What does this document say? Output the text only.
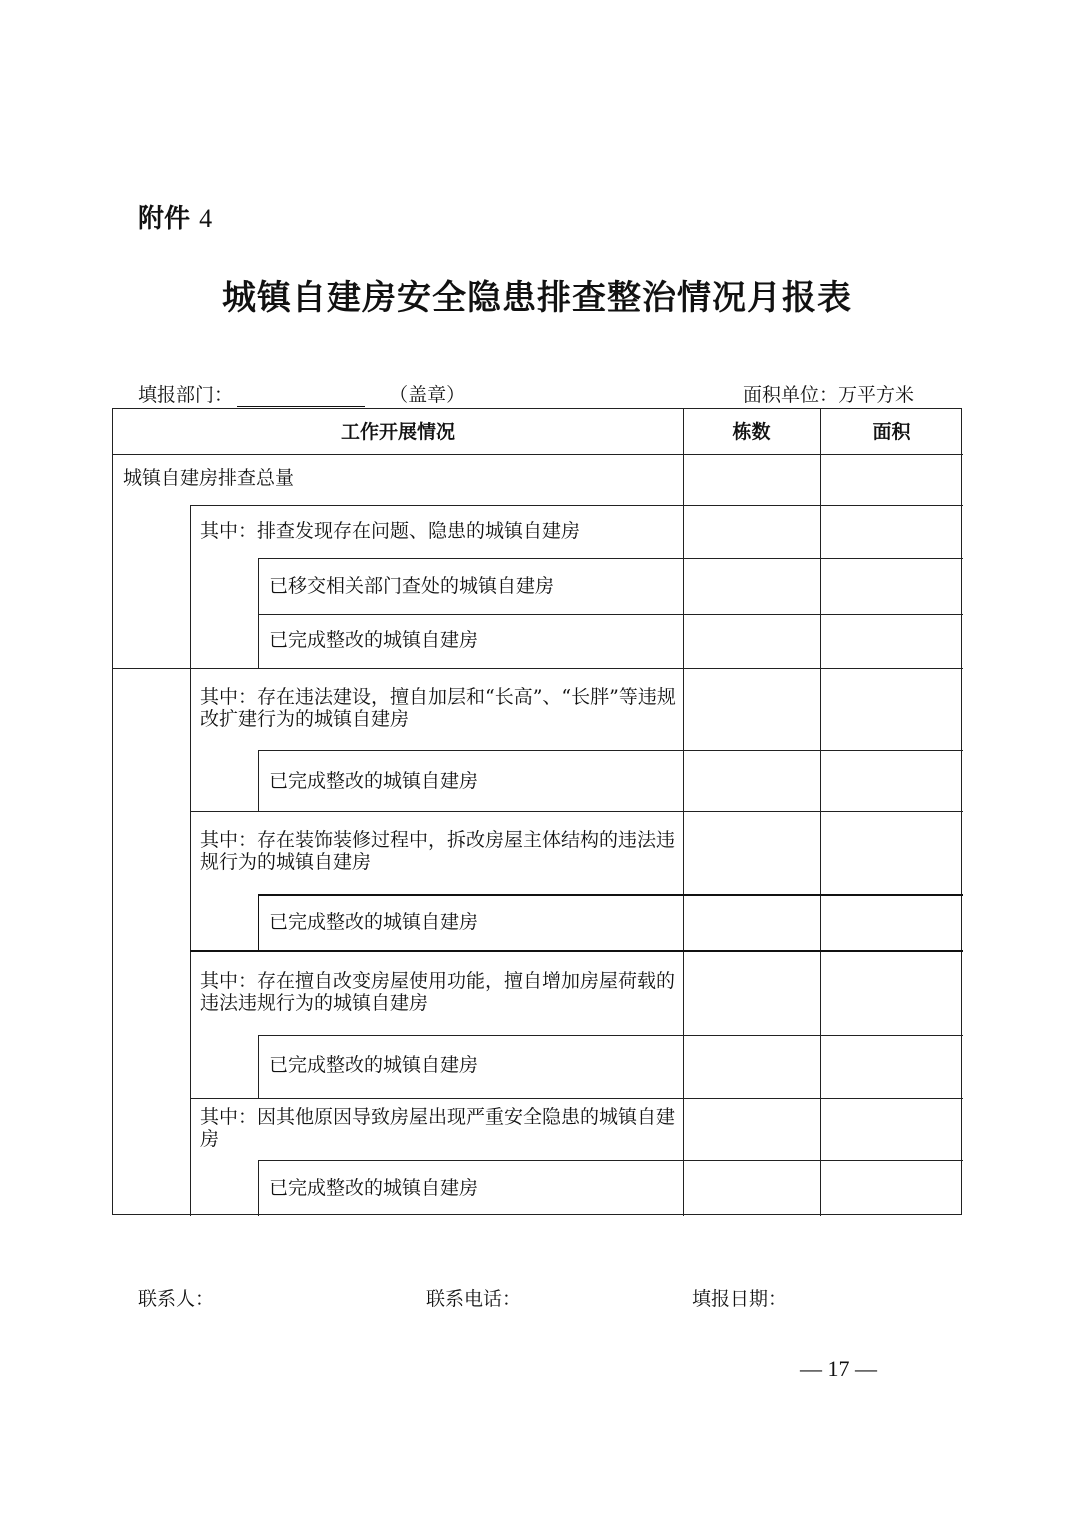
附件 4
城镇自建房安全隐患排查整治情况月报表
填报部门：	（盖章）	面积单位：万平方米
工作开展情况	栋数	面积
城镇自建房排查总量
其中：排查发现存在问题、隐患的城镇自建房
已移交相关部门查处的城镇自建房
已完成整改的城镇自建房
其中：存在违法建设，擅自加层和“长高”、“长胖”等违规改扩建行为的城镇自建房
已完成整改的城镇自建房
其中：存在装饰装修过程中，拆改房屋主体结构的违法违规行为的城镇自建房
已完成整改的城镇自建房
其中：存在擅自改变房屋使用功能，擅自增加房屋荷载的违法违规行为的城镇自建房
已完成整改的城镇自建房
其中：因其他原因导致房屋出现严重安全隐患的城镇自建房
已完成整改的城镇自建房
联系人：	联系电话：	填报日期：
— 17 —
